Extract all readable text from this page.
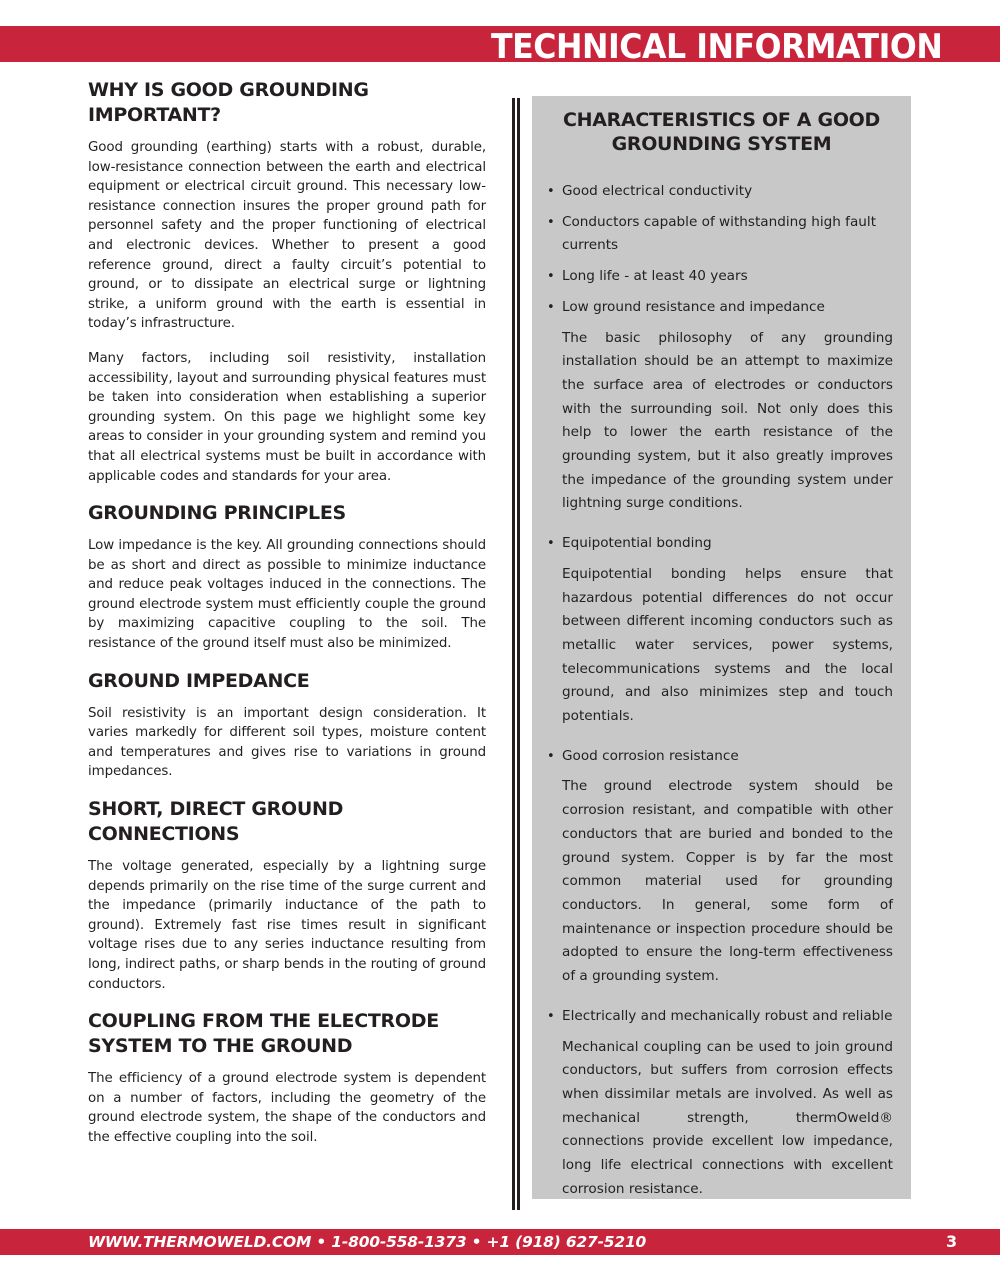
TECHNICAL INFORMATION
WHY IS GOOD GROUNDING IMPORTANT?

Good grounding (earthing) starts with a robust, durable, low-resistance connection between the earth and electrical equipment or electrical circuit ground. This necessary low-resistance connection insures the proper ground path for personnel safety and the proper functioning of electrical and electronic devices. Whether to present a good reference ground, direct a faulty circuit’s potential to ground, or to dissipate an electrical surge or lightning strike, a uniform ground with the earth is essential in today’s infrastructure.

Many factors, including soil resistivity, installation accessibility, layout and surrounding physical features must be taken into consideration when establishing a superior grounding system. On this page we highlight some key areas to consider in your grounding system and remind you that all electrical systems must be built in accordance with applicable codes and standards for your area.

GROUNDING PRINCIPLES

Low impedance is the key. All grounding connections should be as short and direct as possible to minimize inductance and reduce peak voltages induced in the connections. The ground electrode system must efficiently couple the ground by maximizing capacitive coupling to the soil. The resistance of the ground itself must also be minimized.

GROUND IMPEDANCE

Soil resistivity is an important design consideration. It varies markedly for different soil types, moisture content and temperatures and gives rise to variations in ground impedances.

SHORT, DIRECT GROUND CONNECTIONS

The voltage generated, especially by a lightning surge depends primarily on the rise time of the surge current and the impedance (primarily inductance of the path to ground). Extremely fast rise times result in significant voltage rises due to any series inductance resulting from long, indirect paths, or sharp bends in the routing of ground conductors.

COUPLING FROM THE ELECTRODE SYSTEM TO THE GROUND

The efficiency of a ground electrode system is dependent on a number of factors, including the geometry of the ground electrode system, the shape of the conductors and the effective coupling into the soil.

CHARACTERISTICS OF A GOOD GROUNDING SYSTEM
• Good electrical conductivity
• Conductors capable of withstanding high fault currents
• Long life - at least 40 years
• Low ground resistance and impedance

The basic philosophy of any grounding installation should be an attempt to maximize the surface area of electrodes or conductors with the surrounding soil. Not only does this help to lower the earth resistance of the grounding system, but it also greatly improves the impedance of the grounding system under lightning surge conditions.

• Equipotential bonding

Equipotential bonding helps ensure that hazardous potential differences do not occur between different incoming conductors such as metallic water services, power systems, telecommunications systems and the local ground, and also minimizes step and touch potentials.

• Good corrosion resistance

The ground electrode system should be corrosion resistant, and compatible with other conductors that are buried and bonded to the ground system. Copper is by far the most common material used for grounding conductors. In general, some form of maintenance or inspection procedure should be adopted to ensure the long-term effectiveness of a grounding system.

• Electrically and mechanically robust and reliable

Mechanical coupling can be used to join ground conductors, but suffers from corrosion effects when dissimilar metals are involved. As well as mechanical strength, thermOweld® connections provide excellent low impedance, long life electrical connections with excellent corrosion resistance.

WWW.THERMOWELD.COM • 1-800-558-1373 • +1 (918) 627-5210	3
